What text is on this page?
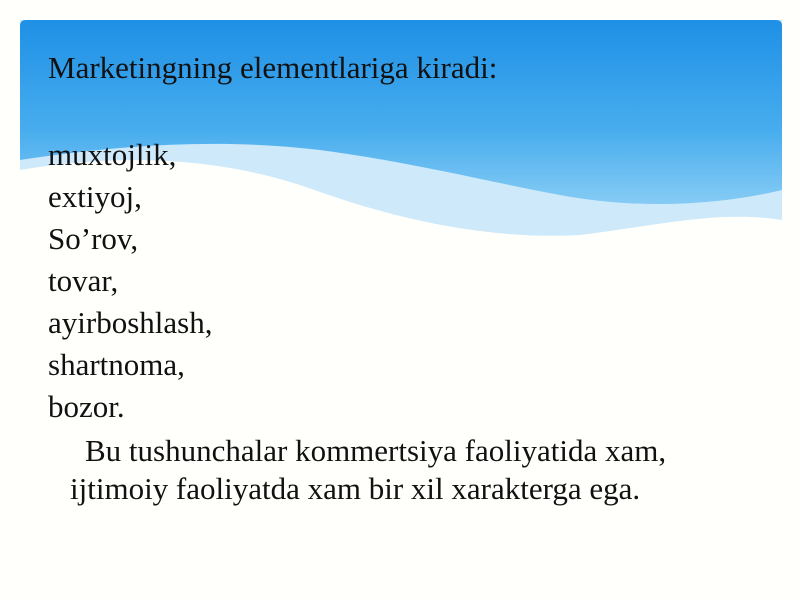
Marketingning elementlariga kiradi:
muxtojlik,
extiyoj,
So’rov,
tovar,
ayirboshlash,
shartnoma,
bozor.

Bu tushunchalar kommertsiya faoliyatida xam,
ijtimoiy faoliyatda xam bir xil xarakterga ega.
